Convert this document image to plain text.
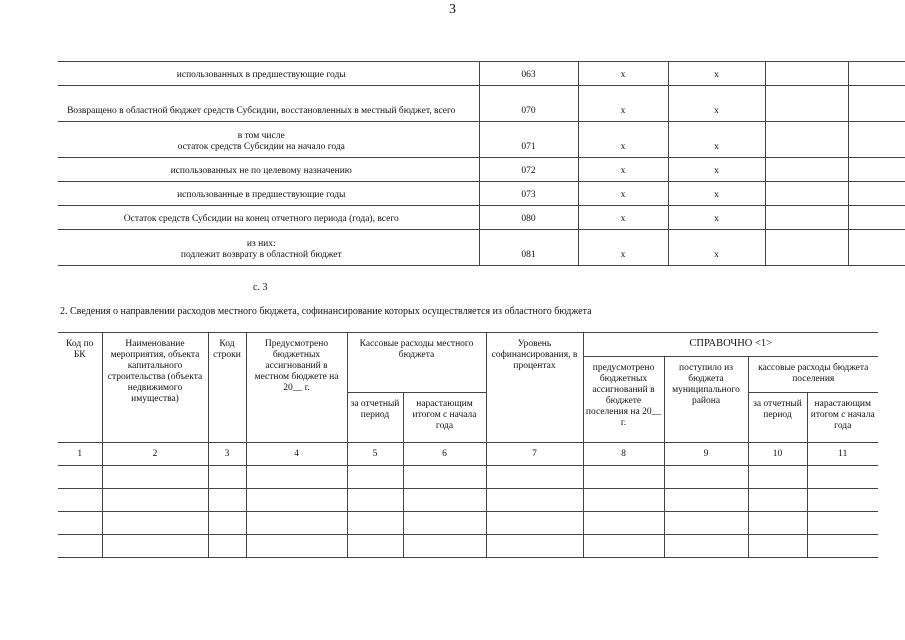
3
использованных в предшествующие годы	063	x	x		
Возвращено в областной бюджет средств Субсидии, восстановленных в местный бюджет, всего	070	x	x		
в том числе
остаток средств Субсидии на начало года	071	x	x		
использованных не по целевому назначению	072	x	x		
использованные в предшествующие годы	073	x	x		
Остаток средств Субсидии на конец отчетного периода (года), всего	080	x	x		
из них:
подлежит возврату в областной бюджет	081	x	x		
с. 3
2. Сведения о направлении расходов местного бюджета, софинансирование которых осуществляется из областного бюджета
Код по БК	Наименование мероприятия, объекта капитального строительства (объекта недвижимого имущества)	Код строки	Предусмотрено бюджетных ассигнований в местном бюджете на 20__ г.	Кассовые расходы местного бюджета		Уровень софинансирования, в процентах	СПРАВОЧНО <1>			
							предусмотрено бюджетных ассигнований в бюджете поселения на 20__ г.	поступило из бюджета муниципального района	кассовые расходы бюджета поселения	
				за отчетный период	нарастающим итогом с начала года				за отчетный период	нарастающим итогом с начала года
1	2	3	4	5	6	7	8	9	10	11
